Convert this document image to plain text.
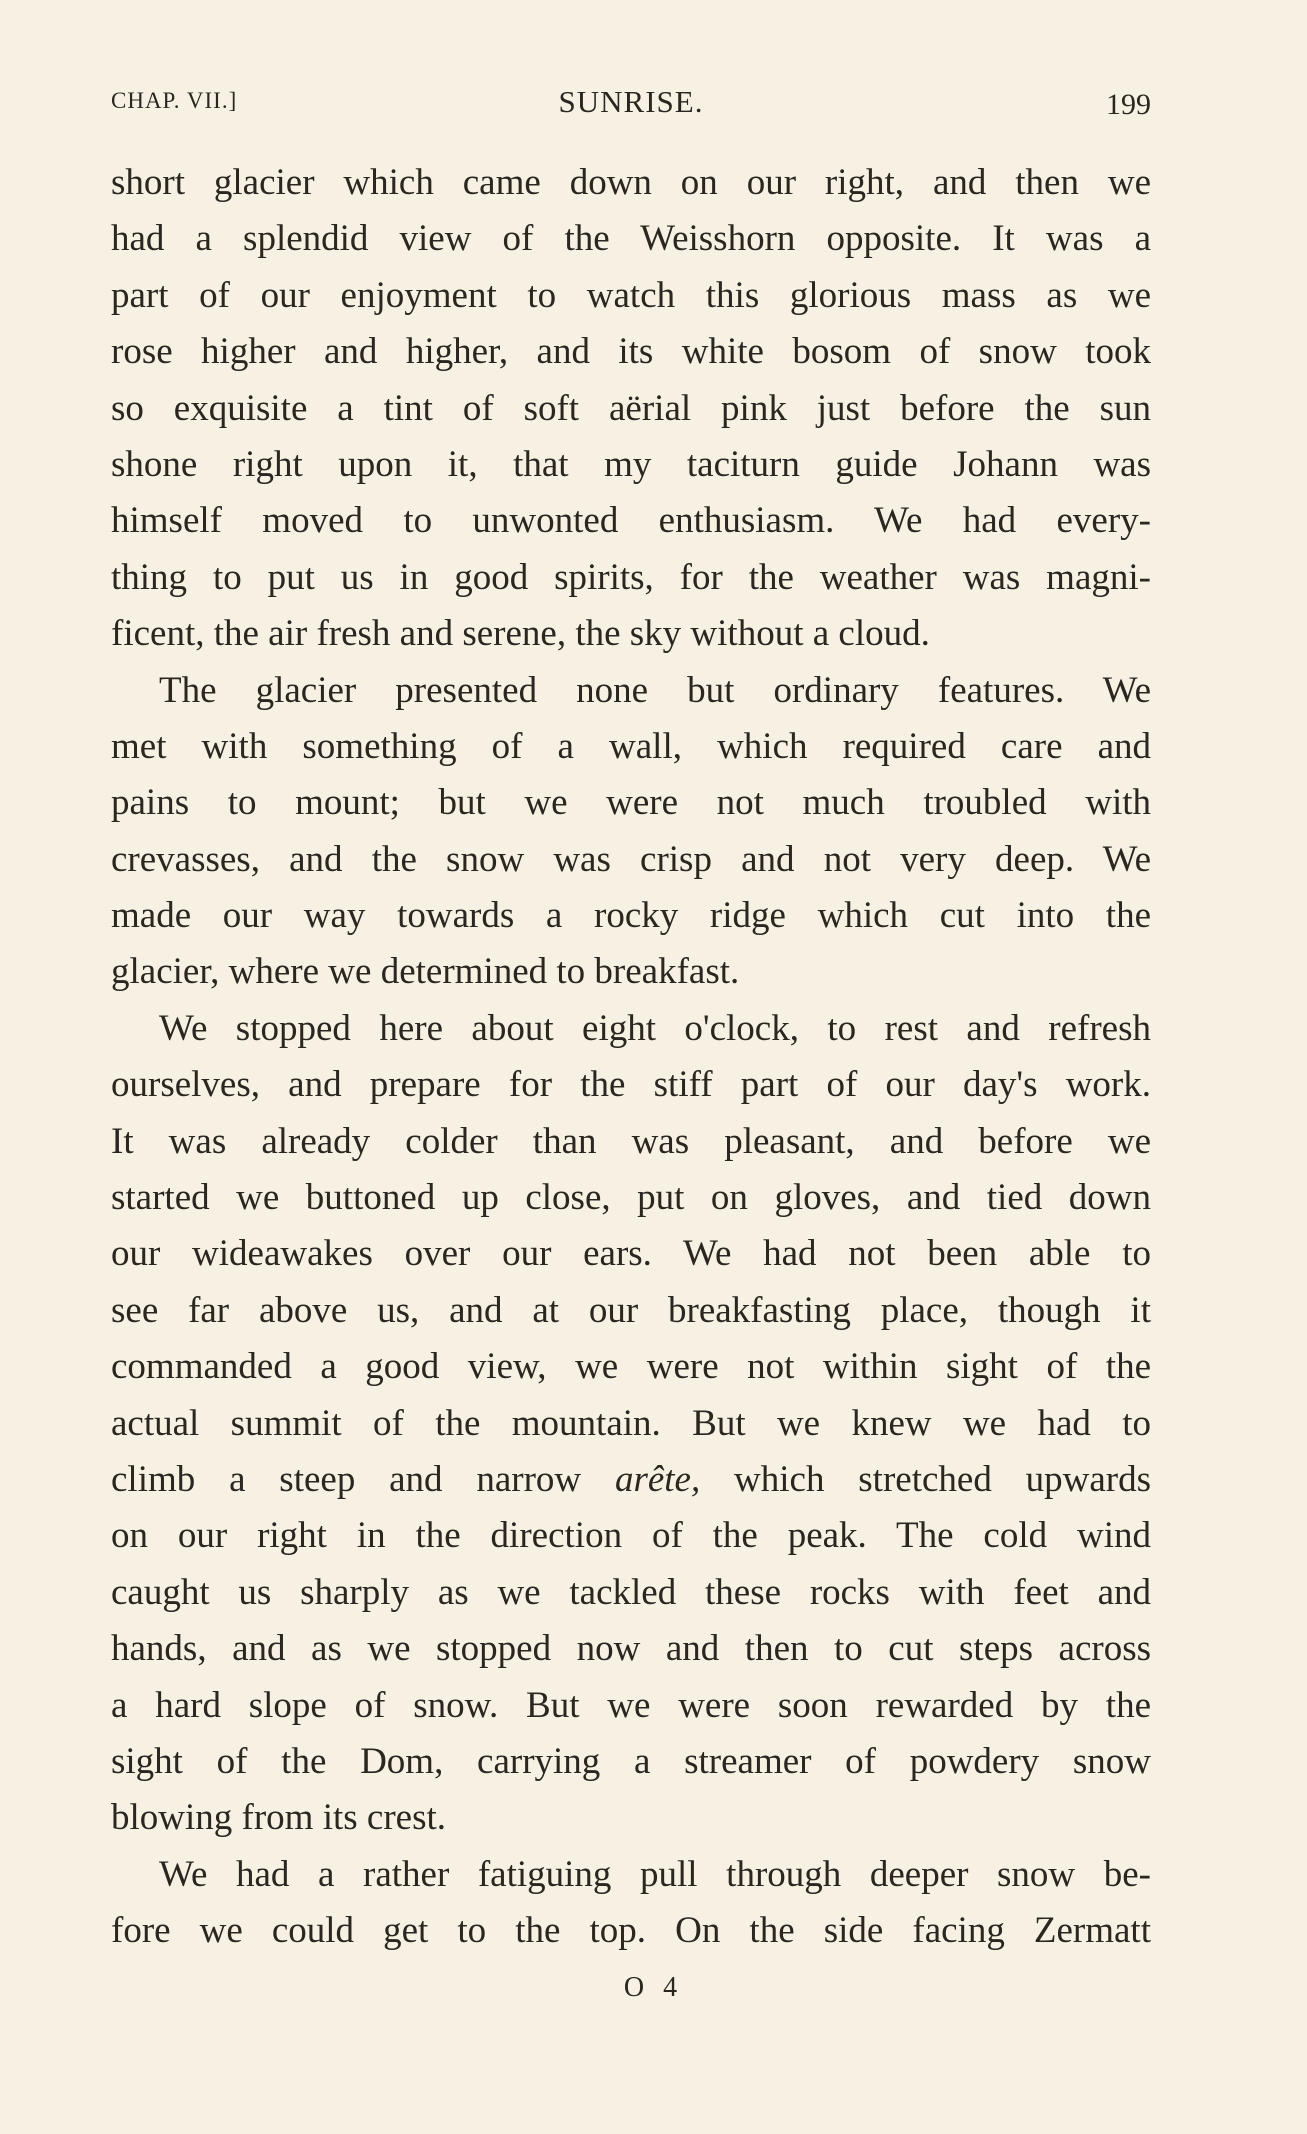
CHAP. VII.]	SUNRISE.	199
short glacier which came down on our right, and then we
had a splendid view of the Weisshorn opposite. It was a
part of our enjoyment to watch this glorious mass as we
rose higher and higher, and its white bosom of snow took
so exquisite a tint of soft aërial pink just before the sun
shone right upon it, that my taciturn guide Johann was
himself moved to unwonted enthusiasm. We had every-
thing to put us in good spirits, for the weather was magni-
ficent, the air fresh and serene, the sky without a cloud.
The glacier presented none but ordinary features. We
met with something of a wall, which required care and
pains to mount; but we were not much troubled with
crevasses, and the snow was crisp and not very deep. We
made our way towards a rocky ridge which cut into the
glacier, where we determined to breakfast.
We stopped here about eight o'clock, to rest and refresh
ourselves, and prepare for the stiff part of our day's work.
It was already colder than was pleasant, and before we
started we buttoned up close, put on gloves, and tied down
our wideawakes over our ears. We had not been able to
see far above us, and at our breakfasting place, though it
commanded a good view, we were not within sight of the
actual summit of the mountain. But we knew we had to
climb a steep and narrow arête, which stretched upwards
on our right in the direction of the peak. The cold wind
caught us sharply as we tackled these rocks with feet and
hands, and as we stopped now and then to cut steps across
a hard slope of snow. But we were soon rewarded by the
sight of the Dom, carrying a streamer of powdery snow
blowing from its crest.
We had a rather fatiguing pull through deeper snow be-
fore we could get to the top. On the side facing Zermatt
O 4
